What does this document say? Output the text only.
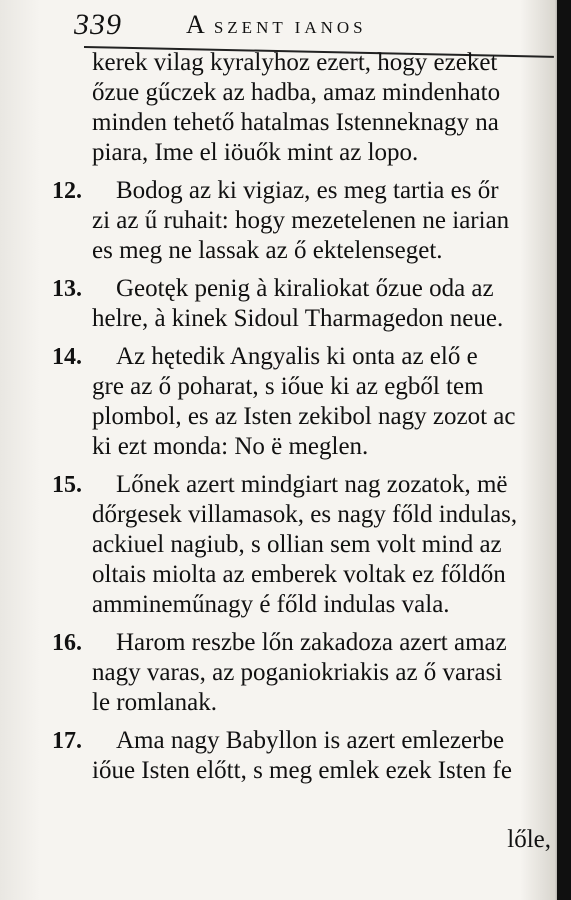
339 A SZENT IANOS
kerek vilag kyralyhoz ezert, hogy ezeket
őzue gűczek az hadba, amaz mindenhato
minden tehető hatalmas Istenneknagy na
piara, Ime el iöuők mint az lopo.
12. Bodog az ki vigiaz, es meg tartia es őr
zi az ű ruhait: hogy mezetelenen ne iarian
es meg ne lassak az ő ektelenseget.
13. Geotęk penig à kiraliokat őzue oda az
helre, à kinek Sidoul Tharmagedon neue.
14. Az hętedik Angyalis ki onta az elő e
gre az ő poharat, s iőue ki az egből tem
plombol, es az Isten zekibol nagy zozot ac
ki ezt monda: No ë meglen.
15. Lőnek azert mindgiart nag zozatok, më
dőrgesek villamasok, es nagy főld indulas,
ackiuel nagiub, s ollian sem volt mind az
oltais miolta az emberek voltak ez főldőn
ammineműnagy é főld indulas vala.
16. Harom reszbe lőn zakadoza azert amaz
nagy varas, az poganiokriakis az ő varasi
le romlanak.
17. Ama nagy Babyllon is azert emlezerbe
iőue Isten előtt, s meg emlek ezek Isten fe
lőle,
